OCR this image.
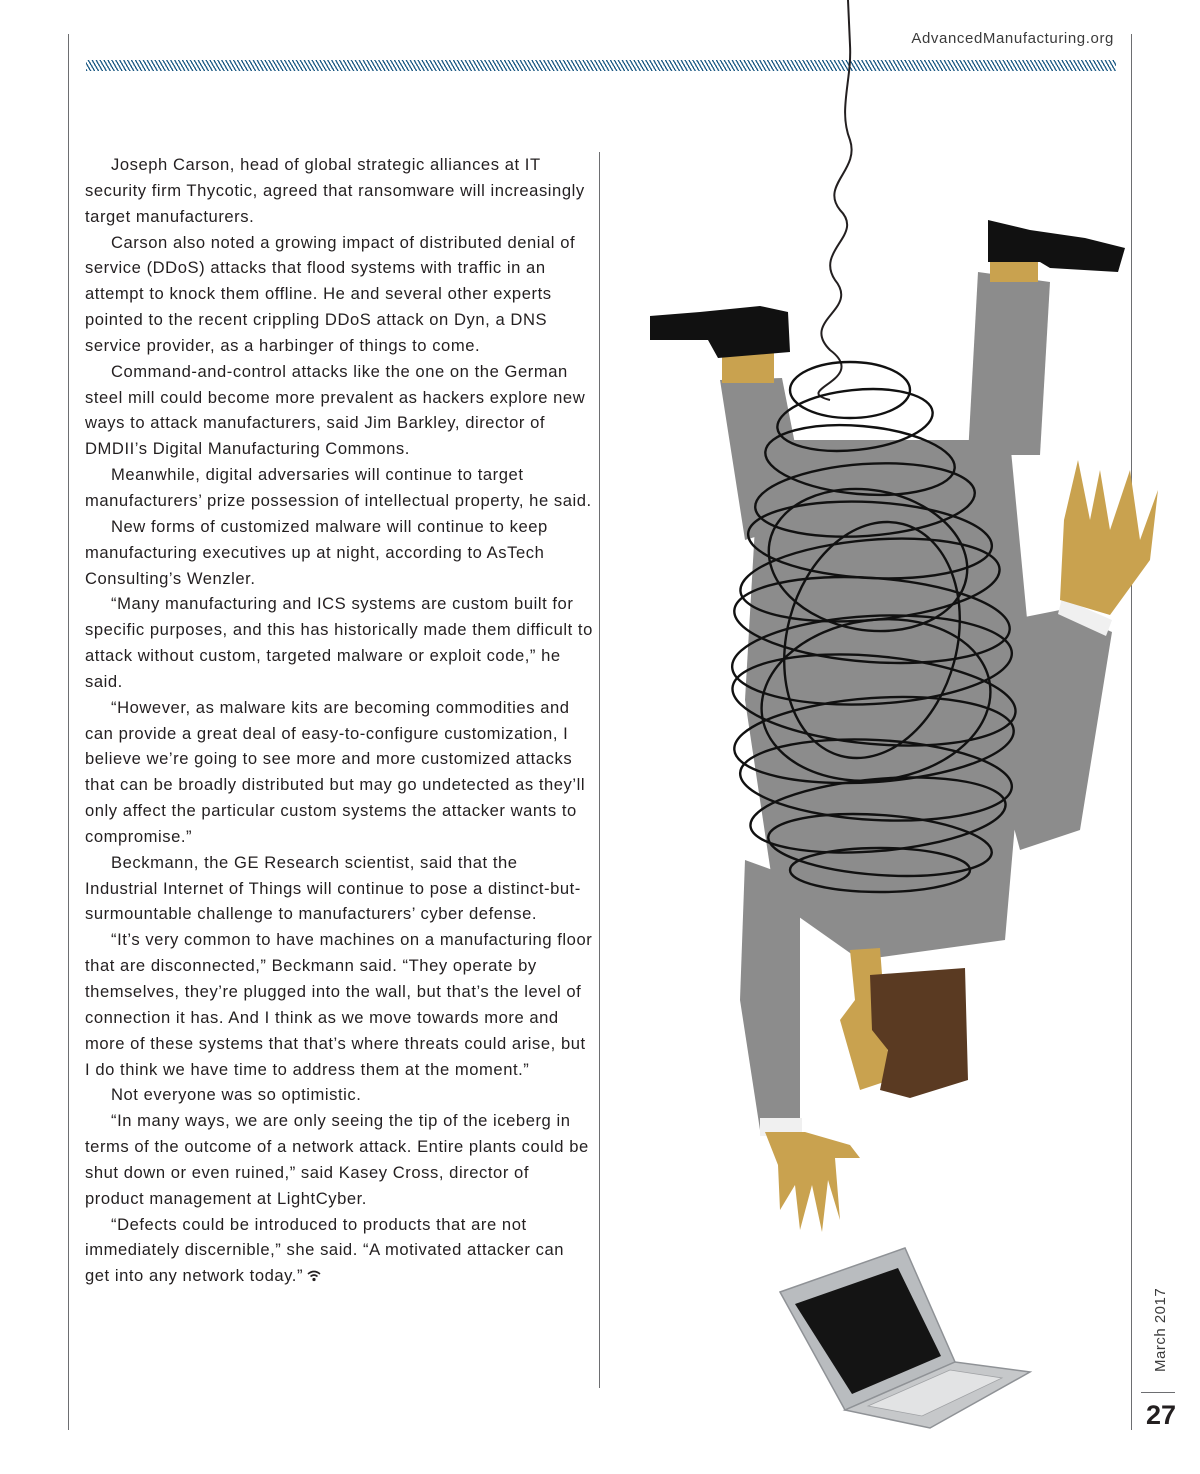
AdvancedManufacturing.org

Joseph Carson, head of global strategic alliances at IT security firm Thycotic, agreed that ransomware will increasingly target manufacturers.

Carson also noted a growing impact of distributed denial of service (DDoS) attacks that flood systems with traffic in an attempt to knock them offline. He and several other experts pointed to the recent crippling DDoS attack on Dyn, a DNS service provider, as a harbinger of things to come.

Command-and-control attacks like the one on the German steel mill could become more prevalent as hackers explore new ways to attack manufacturers, said Jim Barkley, director of DMDII’s Digital Manufacturing Commons.

Meanwhile, digital adversaries will continue to target manufacturers’ prize possession of intellectual property, he said.

New forms of customized malware will continue to keep manufacturing executives up at night, according to AsTech Consulting’s Wenzler.

“Many manufacturing and ICS systems are custom built for specific purposes, and this has historically made them difficult to attack without custom, targeted malware or exploit code,” he said.

“However, as malware kits are becoming commodities and can provide a great deal of easy-to-configure customization, I believe we’re going to see more and more customized attacks that can be broadly distributed but may go undetected as they’ll only affect the particular custom systems the attacker wants to compromise.”

Beckmann, the GE Research scientist, said that the Industrial Internet of Things will continue to pose a distinct-but-surmountable challenge to manufacturers’ cyber defense.

“It’s very common to have machines on a manufacturing floor that are disconnected,” Beckmann said. “They operate by themselves, they’re plugged into the wall, but that’s the level of connection it has. And I think as we move towards more and more of these systems that that’s where threats could arise, but I do think we have time to address them at the moment.”

Not everyone was so optimistic.

“In many ways, we are only seeing the tip of the iceberg in terms of the outcome of a network attack. Entire plants could be shut down or even ruined,” said Kasey Cross, director of product management at LightCyber.

“Defects could be introduced to products that are not immediately discernible,” she said. “A motivated attacker can get into any network today.”

March 2017
27
